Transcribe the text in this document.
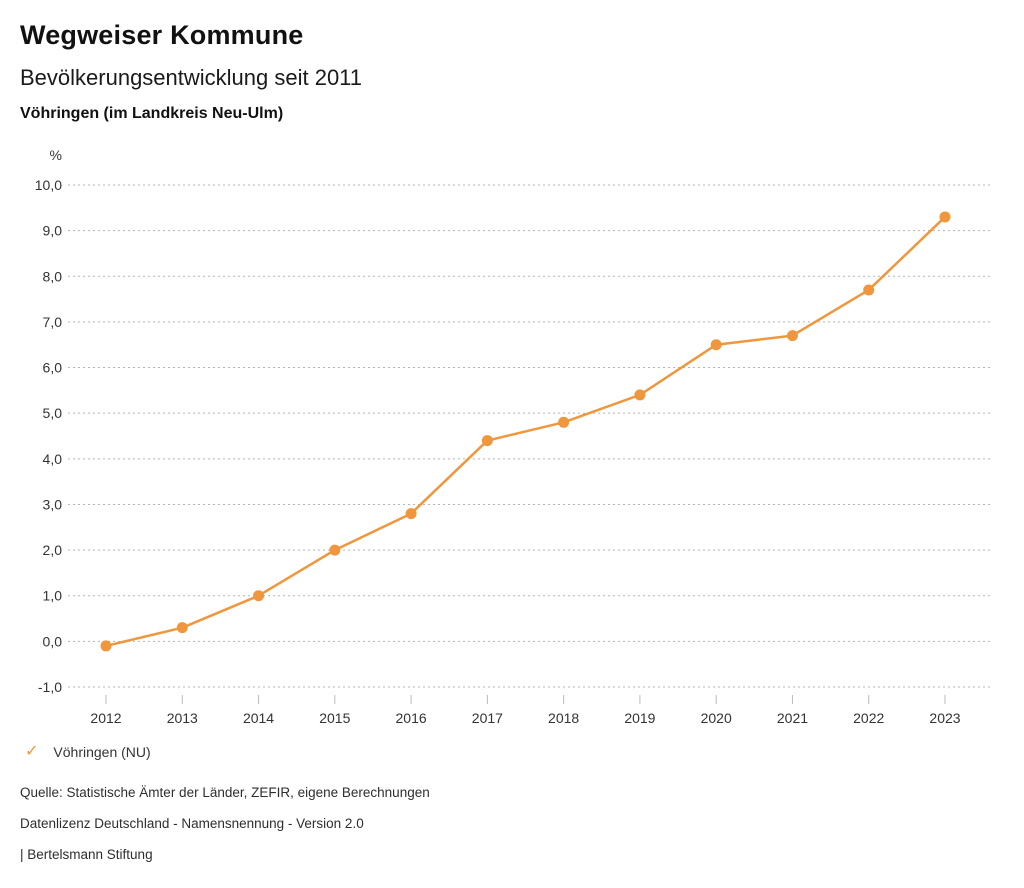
Wegweiser Kommune
Bevölkerungsentwicklung seit 2011
Vöhringen (im Landkreis Neu-Ulm)
10,0
9,0
8,0
7,0
6,0
5,0
4,0
3,0
2,0
1,0
0,0
-1,0
%
2012	2013	2014	2015	2016	2017	2018	2019	2020	2021	2022	2023
✓ Vöhringen (NU)
Quelle: Statistische Ämter der Länder, ZEFIR, eigene Berechnungen
Datenlizenz Deutschland - Namensnennung - Version 2.0
| Bertelsmann Stiftung
